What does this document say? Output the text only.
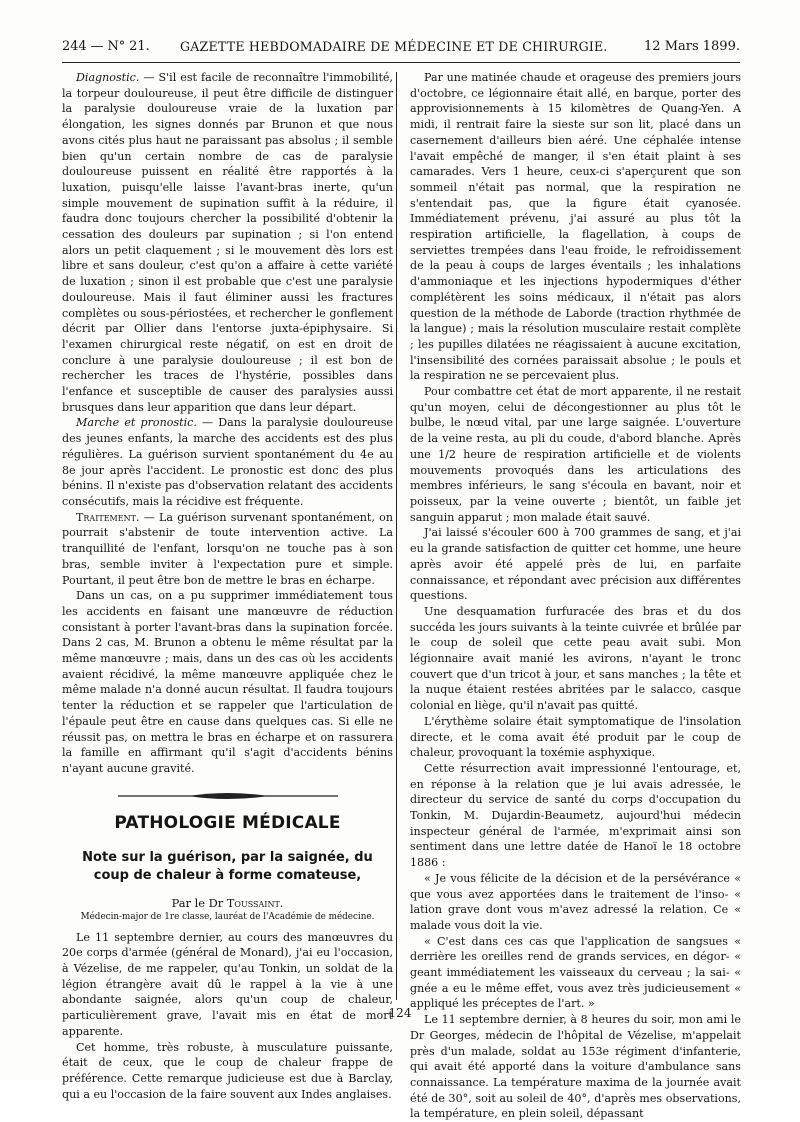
244 — N° 21. GAZETTE HEBDOMADAIRE DE MÉDECINE ET DE CHIRURGIE.	12 Mars 1899.

Diagnostic. — S'il est facile de reconnaître l'immobilité, la torpeur douloureuse, il peut être difficile de distinguer la paralysie douloureuse vraie de la luxation par élongation, les signes donnés par Brunon et que nous avons cités plus haut ne paraissant pas absolus ; il semble bien qu'un certain nombre de cas de paralysie douloureuse puissent en réalité être rapportés à la luxation, puisqu'elle laisse l'avant-bras inerte, qu'un simple mouvement de supination suffit à la réduire, il faudra donc toujours chercher la possibilité d'obtenir la cessation des douleurs par supination ; si l'on entend alors un petit claquement ; si le mouvement dès lors est libre et sans douleur, c'est qu'on a affaire à cette variété de luxation ; sinon il est probable que c'est une paralysie douloureuse. Mais il faut éliminer aussi les fractures complètes ou sous-périostées, et rechercher le gonflement décrit par Ollier dans l'entorse juxta-épiphysaire. Si l'examen chirurgical reste négatif, on est en droit de conclure à une paralysie douloureuse ; il est bon de rechercher les traces de l'hystérie, possibles dans l'enfance et susceptible de causer des paralysies aussi brusques dans leur apparition que dans leur départ.

Marche et pronostic. — Dans la paralysie douloureuse des jeunes enfants, la marche des accidents est des plus régulières. La guérison survient spontanément du 4e au 8e jour après l'accident. Le pronostic est donc des plus bénins. Il n'existe pas d'observation relatant des accidents consécutifs, mais la récidive est fréquente.

Traitement. — La guérison survenant spontanément, on pourrait s'abstenir de toute intervention active. La tranquillité de l'enfant, lorsqu'on ne touche pas à son bras, semble inviter à l'expectation pure et simple. Pourtant, il peut être bon de mettre le bras en écharpe.

Dans un cas, on a pu supprimer immédiatement tous les accidents en faisant une manœuvre de réduction consistant à porter l'avant-bras dans la supination forcée. Dans 2 cas, M. Brunon a obtenu le même résultat par la même manœuvre ; mais, dans un des cas où les accidents avaient récidivé, la même manœuvre appliquée chez le même malade n'a donné aucun résultat. Il faudra toujours tenter la réduction et se rappeler que l'articulation de l'épaule peut être en cause dans quelques cas. Si elle ne réussit pas, on mettra le bras en écharpe et on rassurera la famille en affirmant qu'il s'agit d'accidents bénins n'ayant aucune gravité.

PATHOLOGIE MÉDICALE
Note sur la guérison, par la saignée, du coup de chaleur à forme comateuse,

Par le Dr Toussaint.

Médecin-major de 1re classe, lauréat de l'Académie de médecine.

Le 11 septembre dernier, au cours des manœuvres du 20e corps d'armée (général de Monard), j'ai eu l'occasion, à Vézelise, de me rappeler, qu'au Tonkin, un soldat de la légion étrangère avait dû le rappel à la vie à une abondante saignée, alors qu'un coup de chaleur, particulièrement grave, l'avait mis en état de mort apparente.

Cet homme, très robuste, à musculature puissante, était de ceux, que le coup de chaleur frappe de préférence. Cette remarque judicieuse est due à Barclay, qui a eu l'occasion de la faire souvent aux Indes anglaises.

Par une matinée chaude et orageuse des premiers jours d'octobre, ce légionnaire était allé, en barque, porter des approvisionnements à 15 kilomètres de Quang-Yen. A midi, il rentrait faire la sieste sur son lit, placé dans un casernement d'ailleurs bien aéré. Une céphalée intense l'avait empêché de manger, il s'en était plaint à ses camarades. Vers 1 heure, ceux-ci s'aperçurent que son sommeil n'était pas normal, que la respiration ne s'entendait pas, que la figure était cyanosée. Immédiatement prévenu, j'ai assuré au plus tôt la respiration artificielle, la flagellation, à coups de serviettes trempées dans l'eau froide, le refroidissement de la peau à coups de larges éventails ; les inhalations d'ammoniaque et les injections hypodermiques d'éther complétèrent les soins médicaux, il n'était pas alors question de la méthode de Laborde (traction rhythmée de la langue) ; mais la résolution musculaire restait complète ; les pupilles dilatées ne réagissaient à aucune excitation, l'insensibilité des cornées paraissait absolue ; le pouls et la respiration ne se percevaient plus.

Pour combattre cet état de mort apparente, il ne restait qu'un moyen, celui de décongestionner au plus tôt le bulbe, le nœud vital, par une large saignée. L'ouverture de la veine resta, au pli du coude, d'abord blanche. Après une 1/2 heure de respiration artificielle et de violents mouvements provoqués dans les articulations des membres inférieurs, le sang s'écoula en bavant, noir et poisseux, par la veine ouverte ; bientôt, un faible jet sanguin apparut ; mon malade était sauvé.

J'ai laissé s'écouler 600 à 700 grammes de sang, et j'ai eu la grande satisfaction de quitter cet homme, une heure après avoir été appelé près de lui, en parfaite connaissance, et répondant avec précision aux différentes questions.

Une desquamation furfuracée des bras et du dos succéda les jours suivants à la teinte cuivrée et brûlée par le coup de soleil que cette peau avait subi. Mon légionnaire avait manié les avirons, n'ayant le tronc couvert que d'un tricot à jour, et sans manches ; la tête et la nuque étaient restées abritées par le salacco, casque colonial en liège, qu'il n'avait pas quitté.

L'érythème solaire était symptomatique de l'insolation directe, et le coma avait été produit par le coup de chaleur, provoquant la toxémie asphyxique.

Cette résurrection avait impressionné l'entourage, et, en réponse à la relation que je lui avais adressée, le directeur du service de santé du corps d'occupation du Tonkin, M. Dujardin-Beaumetz, aujourd'hui médecin inspecteur général de l'armée, m'exprimait ainsi son sentiment dans une lettre datée de Hanoï le 18 octobre 1886 :

« Je vous félicite de la décision et de la persévérance « que vous avez apportées dans le traitement de l'inso- « lation grave dont vous m'avez adressé la relation. Ce « malade vous doit la vie.

« C'est dans ces cas que l'application de sangsues « derrière les oreilles rend de grands services, en dégor- « geant immédiatement les vaisseaux du cerveau ; la sai- « gnée a eu le même effet, vous avez très judicieusement « appliqué les préceptes de l'art. »

Le 11 septembre dernier, à 8 heures du soir, mon ami le Dr Georges, médecin de l'hôpital de Vézelise, m'appelait près d'un malade, soldat au 153e régiment d'infanterie, qui avait été apporté dans la voiture d'ambulance sans connaissance. La température maxima de la journée avait été de 30°, soit au soleil de 40°, d'après mes observations, la température, en plein soleil, dépassant

124
